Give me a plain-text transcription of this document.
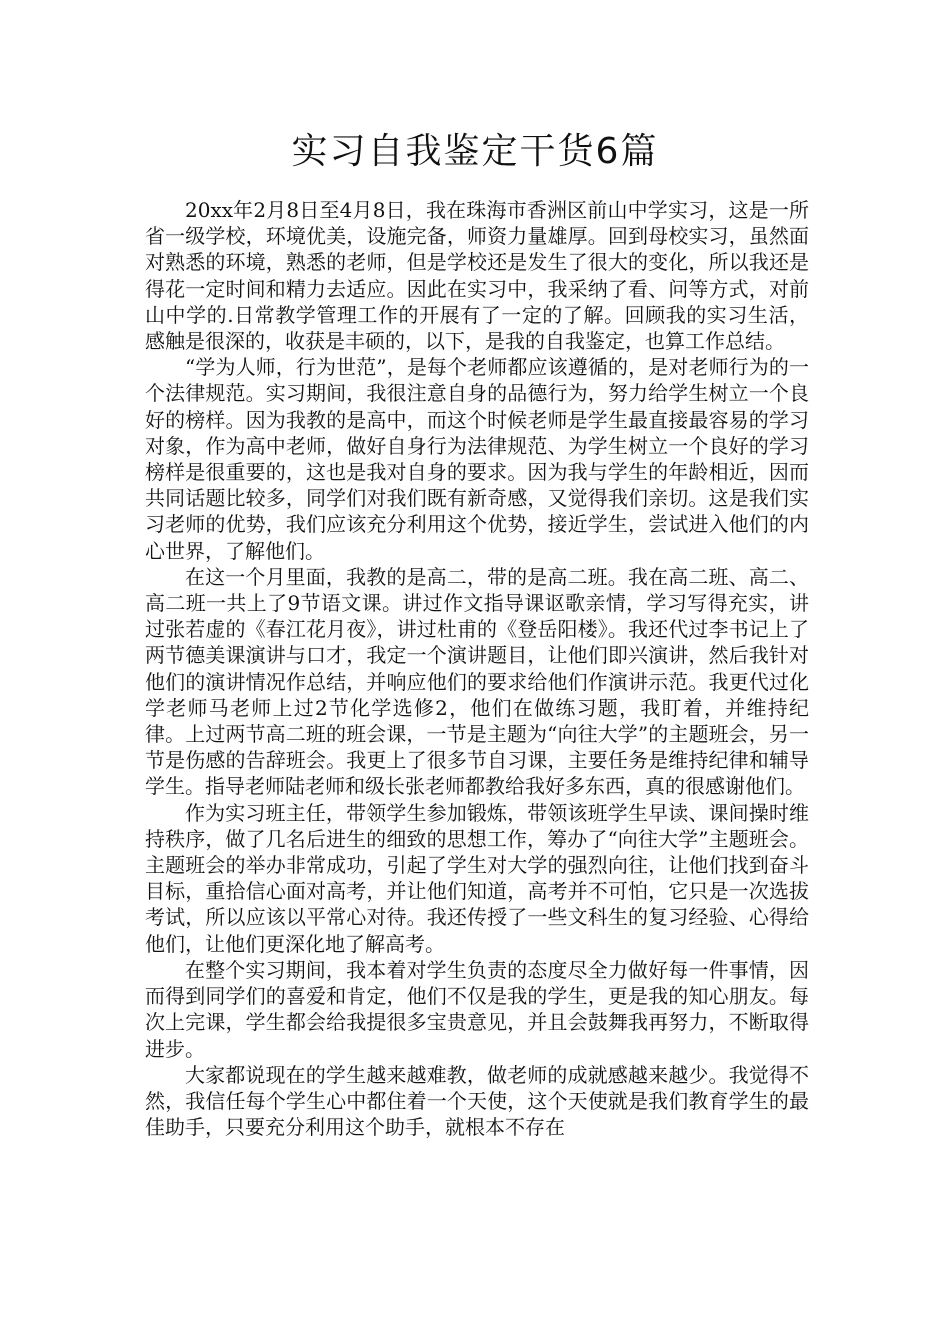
实习自我鉴定干货6篇

20xx年2月8日至4月8日，我在珠海市香洲区前山中学实习，这是一所省一级学校，环境优美，设施完备，师资力量雄厚。回到母校实习，虽然面对熟悉的环境，熟悉的老师，但是学校还是发生了很大的变化，所以我还是得花一定时间和精力去适应。因此在实习中，我采纳了看、问等方式，对前山中学的.日常教学管理工作的开展有了一定的了解。回顾我的实习生活，感触是很深的，收获是丰硕的，以下，是我的自我鉴定，也算工作总结。

“学为人师，行为世范”，是每个老师都应该遵循的，是对老师行为的一个法律规范。实习期间，我很注意自身的品德行为，努力给学生树立一个良好的榜样。因为我教的是高中，而这个时候老师是学生最直接最容易的学习对象，作为高中老师，做好自身行为法律规范、为学生树立一个良好的学习榜样是很重要的，这也是我对自身的要求。因为我与学生的年龄相近，因而共同话题比较多，同学们对我们既有新奇感，又觉得我们亲切。这是我们实习老师的优势，我们应该充分利用这个优势，接近学生，尝试进入他们的内心世界，了解他们。

在这一个月里面，我教的是高二，带的是高二班。我在高二班、高二、高二班一共上了9节语文课。讲过作文指导课讴歌亲情，学习写得充实，讲过张若虚的《春江花月夜》，讲过杜甫的《登岳阳楼》。我还代过李书记上了两节德美课演讲与口才，我定一个演讲题目，让他们即兴演讲，然后我针对他们的演讲情况作总结，并响应他们的要求给他们作演讲示范。我更代过化学老师马老师上过2节化学选修2，他们在做练习题，我盯着，并维持纪律。上过两节高二班的班会课，一节是主题为“向往大学”的主题班会，另一节是伤感的告辞班会。我更上了很多节自习课，主要任务是维持纪律和辅导学生。指导老师陆老师和级长张老师都教给我好多东西，真的很感谢他们。

作为实习班主任，带领学生参加锻炼，带领该班学生早读、课间操时维持秩序，做了几名后进生的细致的思想工作，筹办了“向往大学”主题班会。主题班会的举办非常成功，引起了学生对大学的强烈向往，让他们找到奋斗目标，重拾信心面对高考，并让他们知道，高考并不可怕，它只是一次选拔考试，所以应该以平常心对待。我还传授了一些文科生的复习经验、心得给他们，让他们更深化地了解高考。

在整个实习期间，我本着对学生负责的态度尽全力做好每一件事情，因而得到同学们的喜爱和肯定，他们不仅是我的学生，更是我的知心朋友。每次上完课，学生都会给我提很多宝贵意见，并且会鼓舞我再努力，不断取得进步。

大家都说现在的学生越来越难教，做老师的成就感越来越少。我觉得不然，我信任每个学生心中都住着一个天使，这个天使就是我们教育学生的最佳助手，只要充分利用这个助手，就根本不存在
